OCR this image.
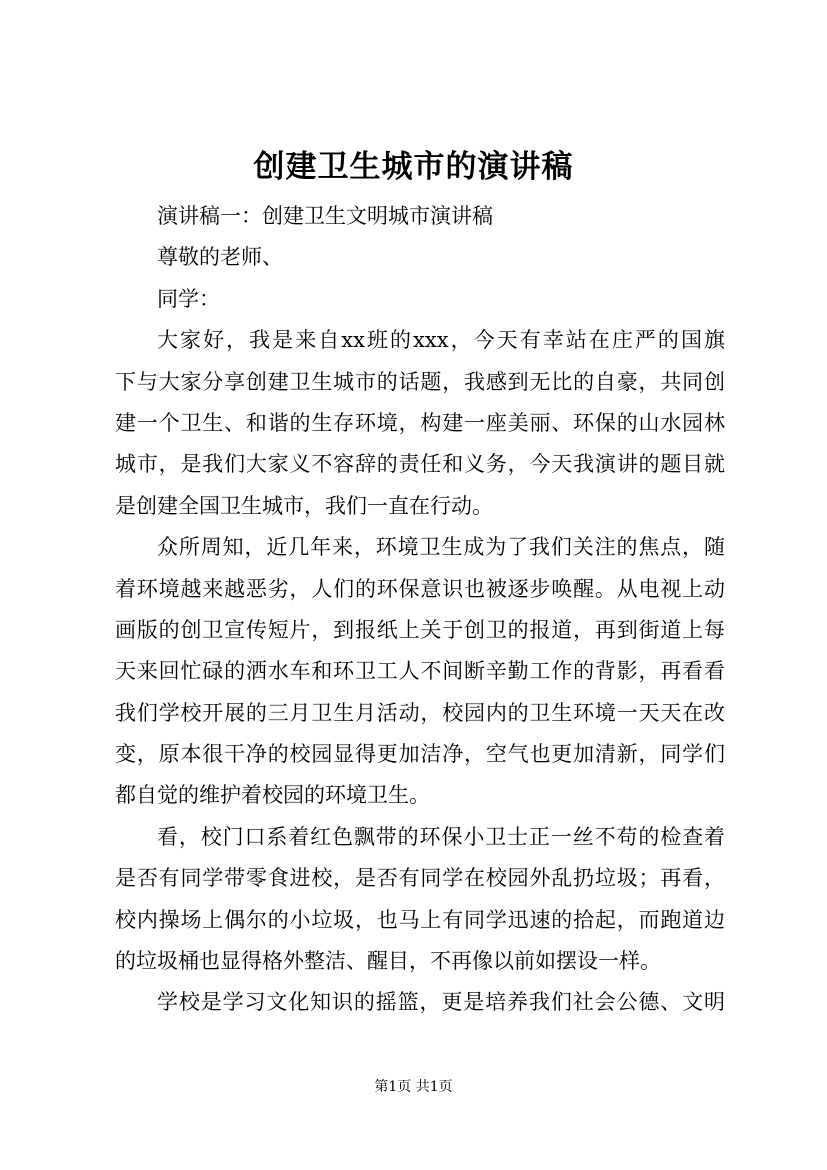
创建卫生城市的演讲稿
演讲稿一：创建卫生文明城市演讲稿
尊敬的老师、
同学：
大家好，我是来自xx班的xxx，今天有幸站在庄严的国旗
下与大家分享创建卫生城市的话题，我感到无比的自豪，共同创
建一个卫生、和谐的生存环境，构建一座美丽、环保的山水园林
城市，是我们大家义不容辞的责任和义务，今天我演讲的题目就
是创建全国卫生城市，我们一直在行动。
众所周知，近几年来，环境卫生成为了我们关注的焦点，随
着环境越来越恶劣，人们的环保意识也被逐步唤醒。从电视上动
画版的创卫宣传短片，到报纸上关于创卫的报道，再到街道上每
天来回忙碌的洒水车和环卫工人不间断辛勤工作的背影，再看看
我们学校开展的三月卫生月活动，校园内的卫生环境一天天在改
变，原本很干净的校园显得更加洁净，空气也更加清新，同学们
都自觉的维护着校园的环境卫生。
看，校门口系着红色飘带的环保小卫士正一丝不苟的检查着
是否有同学带零食进校，是否有同学在校园外乱扔垃圾；再看，
校内操场上偶尔的小垃圾，也马上有同学迅速的拾起，而跑道边
的垃圾桶也显得格外整洁、醒目，不再像以前如摆设一样。
学校是学习文化知识的摇篮，更是培养我们社会公德、文明
第1页 共1页
